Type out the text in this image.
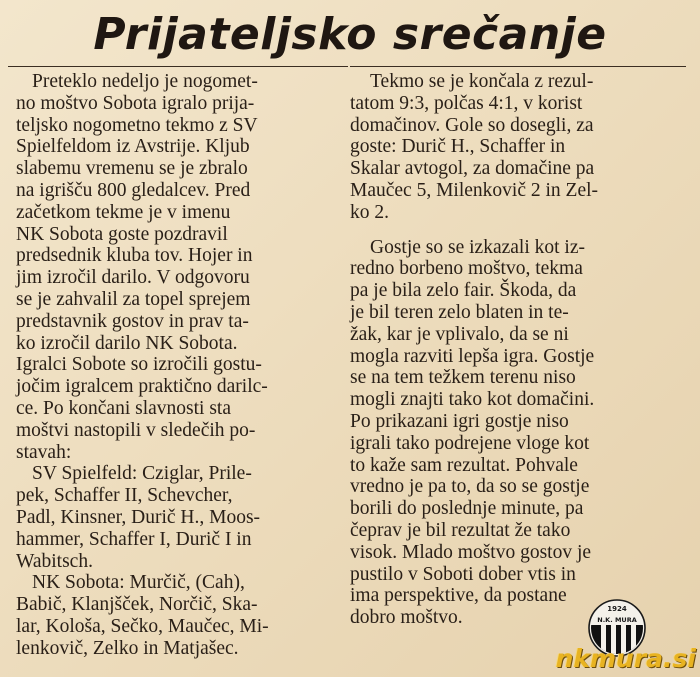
Prijateljsko srečanje
Preteklo nedeljo je nogomet-
no moštvo Sobota igralo prija-
teljsko nogometno tekmo z SV
Spielfeldom iz Avstrije. Kljub
slabemu vremenu se je zbralo
na igrišču 800 gledalcev. Pred
začetkom tekme je v imenu
NK Sobota goste pozdravil
predsednik kluba tov. Hojer in
jim izročil darilo. V odgovoru
se je zahvalil za topel sprejem
predstavnik gostov in prav ta-
ko izročil darilo NK Sobota.
Igralci Sobote so izročili gostu-
jočim igralcem praktično darilc-
ce. Po končani slavnosti sta
moštvi nastopili v sledečih po-
stavah:
SV Spielfeld: Cziglar, Prile-
pek, Schaffer II, Schevcher,
Padl, Kinsner, Durič H., Moos-
hammer, Schaffer I, Durič I in
Wabitsch.
NK Sobota: Murčič, (Cah),
Babič, Klanjšček, Norčič, Ska-
lar, Kološa, Sečko, Maučec, Mi-
lenkovič, Zelko in Matjašec.
Tekmo se je končala z rezul-
tatom 9:3, polčas 4:1, v korist
domačinov. Gole so dosegli, za
goste: Durič H., Schaffer in
Skalar avtogol, za domačine pa
Maučec 5, Milenkovič 2 in Zel-
ko 2.
Gostje so se izkazali kot iz-
redno borbeno moštvo, tekma
pa je bila zelo fair. Škoda, da
je bil teren zelo blaten in te-
žak, kar je vplivalo, da se ni
mogla razviti lepša igra. Gostje
se na tem težkem terenu niso
mogli znajti tako kot domačini.
Po prikazani igri gostje niso
igrali tako podrejene vloge kot
to kaže sam rezultat. Pohvale
vredno je pa to, da so se gostje
borili do poslednje minute, pa
čeprav je bil rezultat že tako
visok. Mlado moštvo gostov je
pustilo v Soboti dober vtis in
ima perspektive, da postane
dobro moštvo.	1924
N.K. MURA
nkmura.si
